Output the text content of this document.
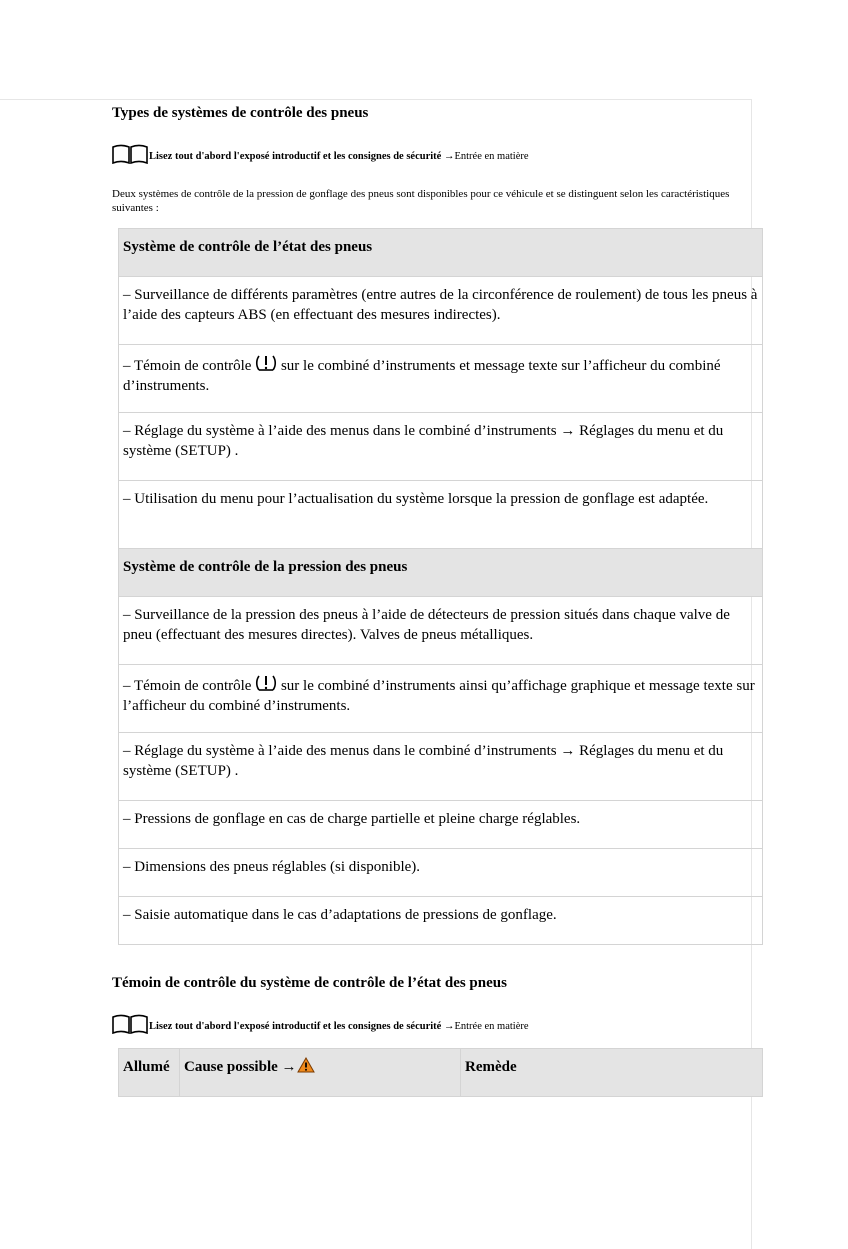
Types de systèmes de contrôle des pneus
Lisez tout d'abord l'exposé introductif et les consignes de sécurité
→Entrée en matière
Deux systèmes de contrôle de la pression de gonflage des pneus sont disponibles pour ce véhicule et se distinguent selon les caractéristiques suivantes :
Système de contrôle de l’état des pneus
– Surveillance de différents paramètres (entre autres de la circonférence de roulement) de tous les pneus à l’aide des capteurs ABS (en effectuant des mesures indirectes).
– Témoin de contrôle  sur le combiné d’instruments et message texte sur l’afficheur du combiné d’instruments.
– Réglage du système à l’aide des menus dans le combiné d’instruments → Réglages du menu et du système (SETUP) .
– Utilisation du menu pour l’actualisation du système lorsque la pression de gonflage est adaptée.
Système de contrôle de la pression des pneus
– Surveillance de la pression des pneus à l’aide de détecteurs de pression situés dans chaque valve de pneu (effectuant des mesures directes). Valves de pneus métalliques.
– Témoin de contrôle  sur le combiné d’instruments ainsi qu’affichage graphique et message texte sur l’afficheur du combiné d’instruments.
– Réglage du système à l’aide des menus dans le combiné d’instruments → Réglages du menu et du système (SETUP) .
– Pressions de gonflage en cas de charge partielle et pleine charge réglables.
– Dimensions des pneus réglables (si disponible).
– Saisie automatique dans le cas d’adaptations de pressions de gonflage.
Témoin de contrôle du système de contrôle de l’état des pneus
Lisez tout d'abord l'exposé introductif et les consignes de sécurité
→Entrée en matière
Allumé	Cause possible →	Remède
